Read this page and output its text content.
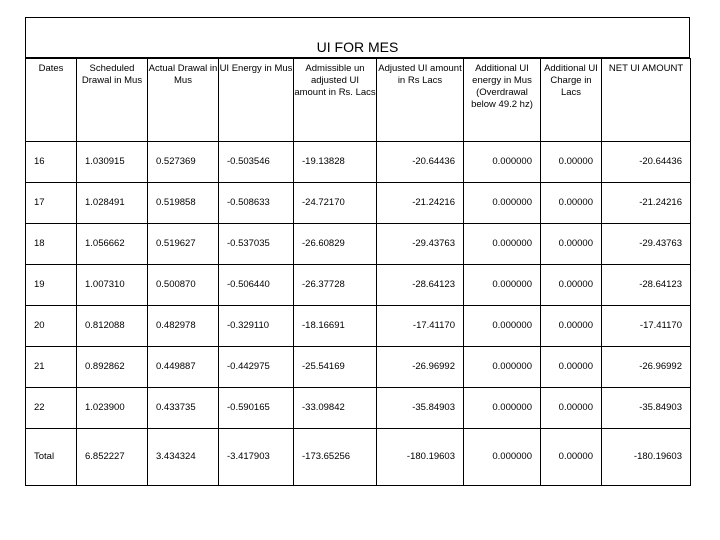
UI FOR MES
Dates	Scheduled Drawal in Mus	Actual Drawal in Mus	UI Energy in Mus	Admissible un adjusted UI amount in Rs. Lacs	Adjusted UI amount in Rs Lacs	Additional UI energy in Mus (Overdrawal below 49.2 hz)	Additional UI Charge in Lacs	NET UI AMOUNT
16	1.030915	0.527369	-0.503546	-19.13828	-20.64436	0.000000	0.00000	-20.64436
17	1.028491	0.519858	-0.508633	-24.72170	-21.24216	0.000000	0.00000	-21.24216
18	1.056662	0.519627	-0.537035	-26.60829	-29.43763	0.000000	0.00000	-29.43763
19	1.007310	0.500870	-0.506440	-26.37728	-28.64123	0.000000	0.00000	-28.64123
20	0.812088	0.482978	-0.329110	-18.16691	-17.41170	0.000000	0.00000	-17.41170
21	0.892862	0.449887	-0.442975	-25.54169	-26.96992	0.000000	0.00000	-26.96992
22	1.023900	0.433735	-0.590165	-33.09842	-35.84903	0.000000	0.00000	-35.84903
Total	6.852227	3.434324	-3.417903	-173.65256	-180.19603	0.000000	0.00000	-180.19603
